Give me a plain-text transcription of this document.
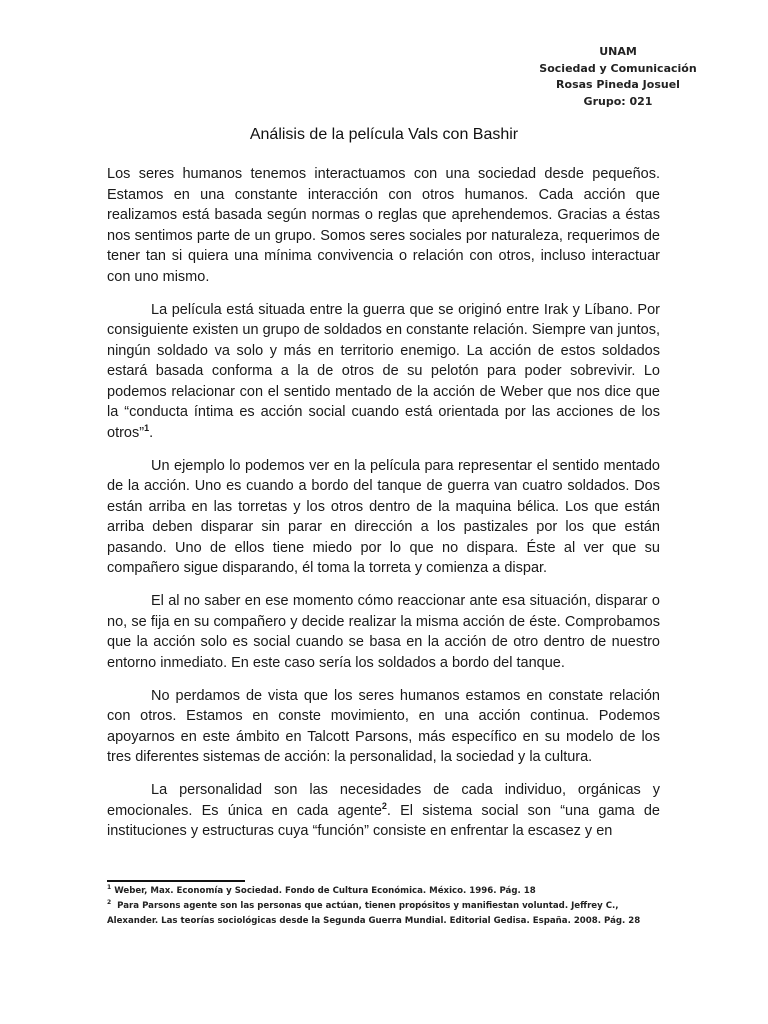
UNAM
Sociedad y Comunicación
Rosas Pineda Josuel
Grupo: 021
Análisis de la película Vals con Bashir

Los seres humanos tenemos interactuamos con una sociedad desde pequeños. Estamos en una constante interacción con otros humanos. Cada acción que realizamos está basada según normas o reglas que aprehendemos. Gracias a éstas nos sentimos parte de un grupo. Somos seres sociales por naturaleza, requerimos de tener tan si quiera una mínima convivencia o relación con otros, incluso interactuar con uno mismo.

La película está situada entre la guerra que se originó entre Irak y Líbano. Por consiguiente existen un grupo de soldados en constante relación. Siempre van juntos, ningún soldado va solo y más en territorio enemigo. La acción de estos soldados estará basada conforma a la de otros de su pelotón para poder sobrevivir. Lo podemos relacionar con el sentido mentado de la acción de Weber que nos dice que la “conducta íntima es acción social cuando está orientada por las acciones de los otros”$^1$.

Un ejemplo lo podemos ver en la película para representar el sentido mentado de la acción. Uno es cuando a bordo del tanque de guerra van cuatro soldados. Dos están arriba en las torretas y los otros dentro de la maquina bélica. Los que están arriba deben disparar sin parar en dirección a los pastizales por los que están pasando. Uno de ellos tiene miedo por lo que no dispara. Éste al ver que su compañero sigue disparando, él toma la torreta y comienza a dispar.

El al no saber en ese momento cómo reaccionar ante esa situación, disparar o no, se fija en su compañero y decide realizar la misma acción de éste. Comprobamos que la acción solo es social cuando se basa en la acción de otro dentro de nuestro entorno inmediato. En este caso sería los soldados a bordo del tanque.

No perdamos de vista que los seres humanos estamos en constate relación con otros. Estamos en conste movimiento, en una acción continua. Podemos apoyarnos en este ámbito en Talcott Parsons, más específico en su modelo de los tres diferentes sistemas de acción: la personalidad, la sociedad y la cultura.

La personalidad son las necesidades de cada individuo, orgánicas y emocionales. Es única en cada agente$^2$. El sistema social son “una gama de instituciones y estructuras cuya “función” consiste en enfrentar la escasez y en

$^1$ Weber, Max. Economía y Sociedad. Fondo de Cultura Económica. México. 1996. Pág. 18

$^2$ Para Parsons agente son las personas que actúan, tienen propósitos y manifiestan voluntad. Jeffrey C., Alexander. Las teorías sociológicas desde la Segunda Guerra Mundial. Editorial Gedisa. España. 2008. Pág. 28
